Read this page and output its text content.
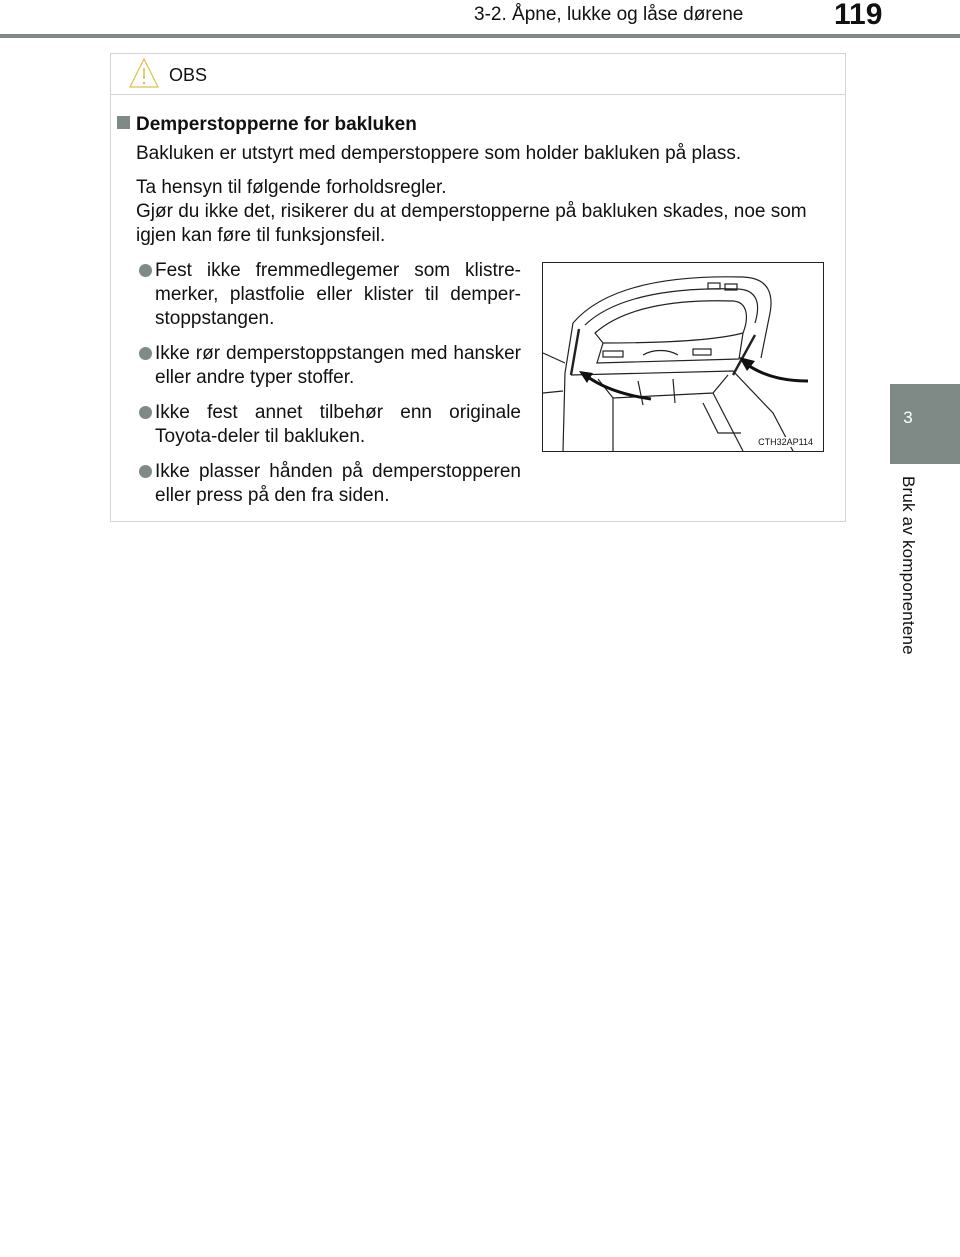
3-2. Åpne, lukke og låse dørene	119
3
Bruk av komponentene
OBS
Demperstopperne for bakluken
Bakluken er utstyrt med demperstoppere som holder bakluken på plass.
Ta hensyn til følgende forholdsregler.
Gjør du ikke det, risikerer du at demperstopperne på bakluken skades, noe som igjen kan føre til funksjonsfeil.
Fest ikke fremmedlegemer som klistremerker, plastfolie eller klister til demperstoppstangen.
Ikke rør demperstoppstangen med hansker eller andre typer stoffer.
Ikke fest annet tilbehør enn originale Toyota-deler til bakluken.
Ikke plasser hånden på demperstopperen eller press på den fra siden.
CTH32AP114
